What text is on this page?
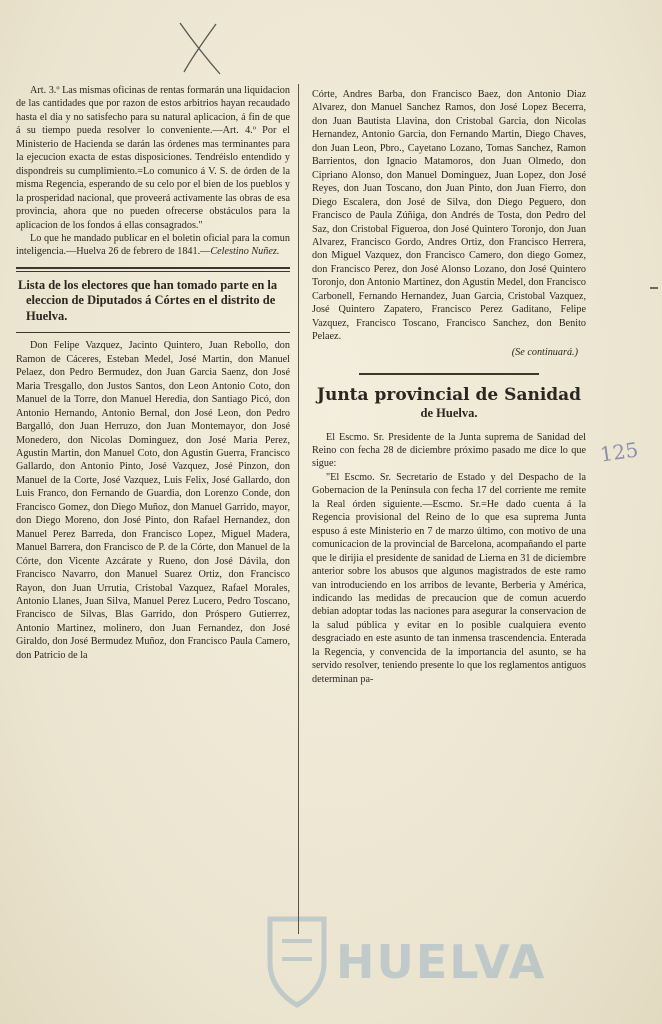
Art. 3.º Las mismas oficinas de rentas formarán una liquidacion de las cantidades que por razon de estos arbitrios hayan recaudado hasta el dia y no satisfecho para su natural aplicacion, á fin de que á su tiempo pueda resolver lo conveniente.—Art. 4.º Por el Ministerio de Hacienda se darán las órdenes mas terminantes para la ejecucion exacta de estas disposiciones. Tendréislo entendido y dispondreis su cumplimiento.=Lo comunico á V. S. de órden de la misma Regencia, esperando de su celo por el bien de los pueblos y la prosperidad nacional, que proveerá activamente las obras de esa provincia, ahora que no pueden ofrecerse obstáculos para la aplicacion de los fondos á ellas consagrados."

Lo que he mandado publicar en el boletin oficial para la comun inteligencia.—Huelva 26 de febrero de 1841.—Celestino Nuñez.

Lista de los electores que han tomado parte en la eleccion de Diputados á Córtes en el distrito de Huelva.

Don Felipe Vazquez, Jacinto Quintero, Juan Rebollo, don Ramon de Cáceres, Esteban Medel, José Martin, don Manuel Pelaez, don Pedro Bermudez, don Juan Garcia Saenz, don José Maria Tresgallo, don Justos Santos, don Leon Antonio Coto, don Manuel de la Torre, don Manuel Heredia, don Santiago Picó, don Antonio Hernando, Antonio Bernal, don José Leon, don Pedro Bargalló, don Juan Herruzo, don Juan Montemayor, don José Monedero, don Nicolas Dominguez, don José Maria Perez, Agustin Martin, don Manuel Coto, don Agustin Guerra, Francisco Gallardo, don Antonio Pinto, José Vazquez, José Pinzon, don Manuel de la Corte, José Vazquez, Luis Felix, José Gallardo, don Luis Franco, don Fernando de Guardia, don Lorenzo Conde, don Francisco Gomez, don Diego Muñoz, don Manuel Garrido, mayor, don Diego Moreno, don José Pinto, don Rafael Hernandez, don Manuel Perez Barreda, don Francisco Lopez, Miguel Madera, Manuel Barrera, don Francisco de P. de la Córte, don Manuel de la Córte, don Vicente Azcárate y Rueno, don José Dávila, don Francisco Navarro, don Manuel Suarez Ortiz, don Francisco Rayon, don Juan Urrutia, Cristobal Vazquez, Rafael Morales, Antonio Llanes, Juan Silva, Manuel Perez Lucero, Pedro Toscano, Francisco de Silvas, Blas Garrido, don Próspero Gutierrez, Antonio Martinez, molinero, don Juan Fernandez, don José Giraldo, don José Bermudez Muñoz, don Francisco Paula Camero, don Patricio de la

Córte, Andres Barba, don Francisco Baez, don Antonio Diaz Alvarez, don Manuel Sanchez Ramos, don José Lopez Becerra, don Juan Bautista Llavina, don Cristobal Garcia, don Nicolas Hernandez, Antonio Garcia, don Fernando Martin, Diego Chaves, don Juan Leon, Pbro., Cayetano Lozano, Tomas Sanchez, Ramon Barrientos, don Ignacio Matamoros, don Juan Olmedo, don Cipriano Alonso, don Manuel Dominguez, Juan Lopez, don José Reyes, don Juan Toscano, don Juan Pinto, don Juan Fierro, don Diego Escalera, don José de Silva, don Diego Peguero, don Francisco de Paula Zúñiga, don Andrés de Tosta, don Pedro del Saz, don Cristobal Figueroa, don José Quintero Toronjo, don Juan Alvarez, Francisco Gordo, Andres Ortiz, don Francisco Herrera, don Miguel Vazquez, don Francisco Camero, don diego Gomez, don Francisco Perez, don José Alonso Lozano, don José Quintero Toronjo, don Antonio Martinez, don Agustin Medel, don Francisco Carbonell, Fernando Hernandez, Juan Garcia, Cristobal Vazquez, José Quintero Zapatero, Francisco Perez Gaditano, Felipe Vazquez, Francisco Toscano, Francisco Sanchez, don Benito Pelaez.

(Se continuará.)
Junta provincial de Sanidad
de Huelva.

El Escmo. Sr. Presidente de la Junta suprema de Sanidad del Reino con fecha 28 de diciembre próximo pasado me dice lo que sigue:

"El Escmo. Sr. Secretario de Estado y del Despacho de la Gobernacion de la Península con fecha 17 del corriente me remite la Real órden siguiente.—Escmo. Sr.=He dado cuenta á la Regencia provisional del Reino de lo que esa suprema Junta espuso á este Ministerio en 7 de marzo último, con motivo de una comunicacion de la provincial de Barcelona, acompañando el parte que le dirijia el presidente de sanidad de Lierna en 31 de diciembre anterior sobre los abusos que algunos magistrados de este ramo van introduciendo en los arribos de levante, Berberia y América, indicando las medidas de precaucion que de comun acuerdo debian adoptar todas las naciones para asegurar la conservacion de la salud pública y evitar en lo posible cualquiera evento desgraciado en este asunto de tan inmensa trascendencia. Enterada la Regencia, y convencida de la importancia del asunto, se ha servido resolver, teniendo presente lo que los reglamentos antiguos determinan pa-

125
HUELVA
